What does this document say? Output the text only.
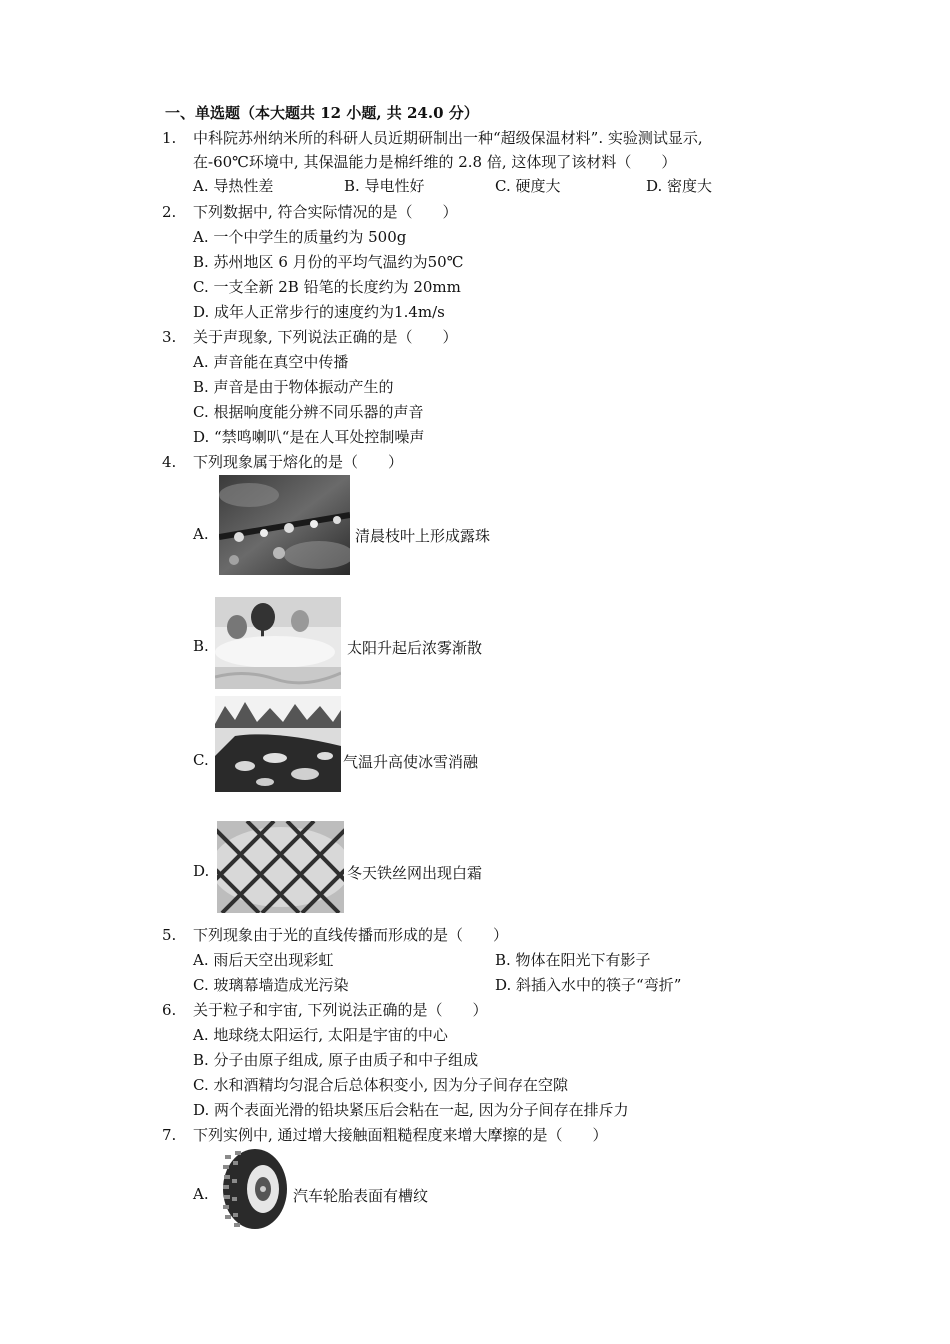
一、单选题（本大题共 12 小题, 共 24.0 分）
1.	中科院苏州纳米所的科研人员近期研制出一种“超级保温材料”. 实验测试显示,
在-60℃环境中, 其保温能力是棉纤维的 2.8 倍, 这体现了该材料（　　）
A. 导热性差	B. 导电性好	C. 硬度大	D. 密度大
2.	下列数据中, 符合实际情况的是（　　）
A. 一个中学生的质量约为 500g
B. 苏州地区 6 月份的平均气温约为50℃
C. 一支全新 2B 铅笔的长度约为 20mm
D. 成年人正常步行的速度约为1.4m/s
3.	关于声现象, 下列说法正确的是（　　）
A. 声音能在真空中传播
B. 声音是由于物体振动产生的
C. 根据响度能分辨不同乐器的声音
D. “禁鸣喇叭“是在人耳处控制噪声
4.	下列现象属于熔化的是（　　）
A.	清晨枝叶上形成露珠
B.	太阳升起后浓雾渐散
C.	气温升高使冰雪消融
D.	冬天铁丝网出现白霜
5.	下列现象由于光的直线传播而形成的是（　　）
A. 雨后天空出现彩虹	B. 物体在阳光下有影子
C. 玻璃幕墙造成光污染	D. 斜插入水中的筷子“弯折”
6.	关于粒子和宇宙, 下列说法正确的是（　　）
A. 地球绕太阳运行, 太阳是宇宙的中心
B. 分子由原子组成, 原子由质子和中子组成
C. 水和酒精均匀混合后总体积变小, 因为分子间存在空隙
D. 两个表面光滑的铅块紧压后会粘在一起, 因为分子间存在排斥力
7.	下列实例中, 通过增大接触面粗糙程度来增大摩擦的是（　　）
A.	汽车轮胎表面有槽纹
